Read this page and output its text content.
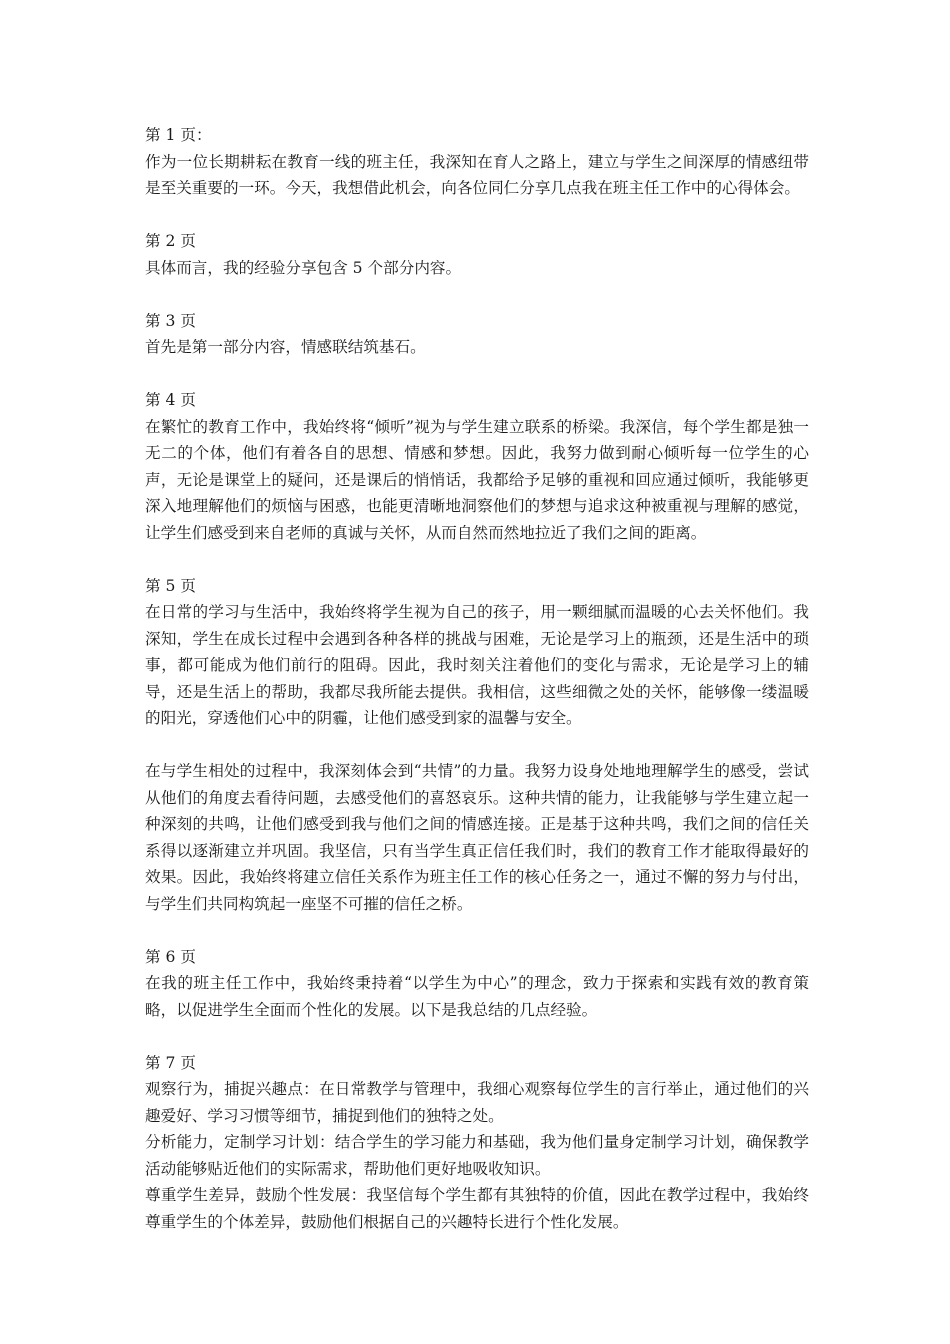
第 1 页：
作为一位长期耕耘在教育一线的班主任，我深知在育人之路上，建立与学生之间深厚的情感纽带是至关重要的一环。今天，我想借此机会，向各位同仁分享几点我在班主任工作中的心得体会。
第 2 页
具体而言，我的经验分享包含 5 个部分内容。
第 3 页
首先是第一部分内容，情感联结筑基石。
第 4 页
在繁忙的教育工作中，我始终将“倾听”视为与学生建立联系的桥梁。我深信，每个学生都是独一无二的个体，他们有着各自的思想、情感和梦想。因此，我努力做到耐心倾听每一位学生的心声，无论是课堂上的疑问，还是课后的悄悄话，我都给予足够的重视和回应通过倾听，我能够更深入地理解他们的烦恼与困惑，也能更清晰地洞察他们的梦想与追求这种被重视与理解的感觉，让学生们感受到来自老师的真诚与关怀，从而自然而然地拉近了我们之间的距离。
第 5 页
在日常的学习与生活中，我始终将学生视为自己的孩子，用一颗细腻而温暖的心去关怀他们。我深知，学生在成长过程中会遇到各种各样的挑战与困难，无论是学习上的瓶颈，还是生活中的琐事，都可能成为他们前行的阻碍。因此，我时刻关注着他们的变化与需求，无论是学习上的辅导，还是生活上的帮助，我都尽我所能去提供。我相信，这些细微之处的关怀，能够像一缕温暖的阳光，穿透他们心中的阴霾，让他们感受到家的温馨与安全。
在与学生相处的过程中，我深刻体会到“共情”的力量。我努力设身处地地理解学生的感受，尝试从他们的角度去看待问题，去感受他们的喜怒哀乐。这种共情的能力，让我能够与学生建立起一种深刻的共鸣，让他们感受到我与他们之间的情感连接。正是基于这种共鸣，我们之间的信任关系得以逐渐建立并巩固。我坚信，只有当学生真正信任我们时，我们的教育工作才能取得最好的效果。因此，我始终将建立信任关系作为班主任工作的核心任务之一，通过不懈的努力与付出，与学生们共同构筑起一座坚不可摧的信任之桥。
第 6 页
在我的班主任工作中，我始终秉持着“以学生为中心”的理念，致力于探索和实践有效的教育策略，以促进学生全面而个性化的发展。以下是我总结的几点经验。
第 7 页
观察行为，捕捉兴趣点：在日常教学与管理中，我细心观察每位学生的言行举止，通过他们的兴趣爱好、学习习惯等细节，捕捉到他们的独特之处。
分析能力，定制学习计划：结合学生的学习能力和基础，我为他们量身定制学习计划，确保教学活动能够贴近他们的实际需求，帮助他们更好地吸收知识。
尊重学生差异，鼓励个性发展：我坚信每个学生都有其独特的价值，因此在教学过程中，我始终尊重学生的个体差异，鼓励他们根据自己的兴趣特长进行个性化发展。
